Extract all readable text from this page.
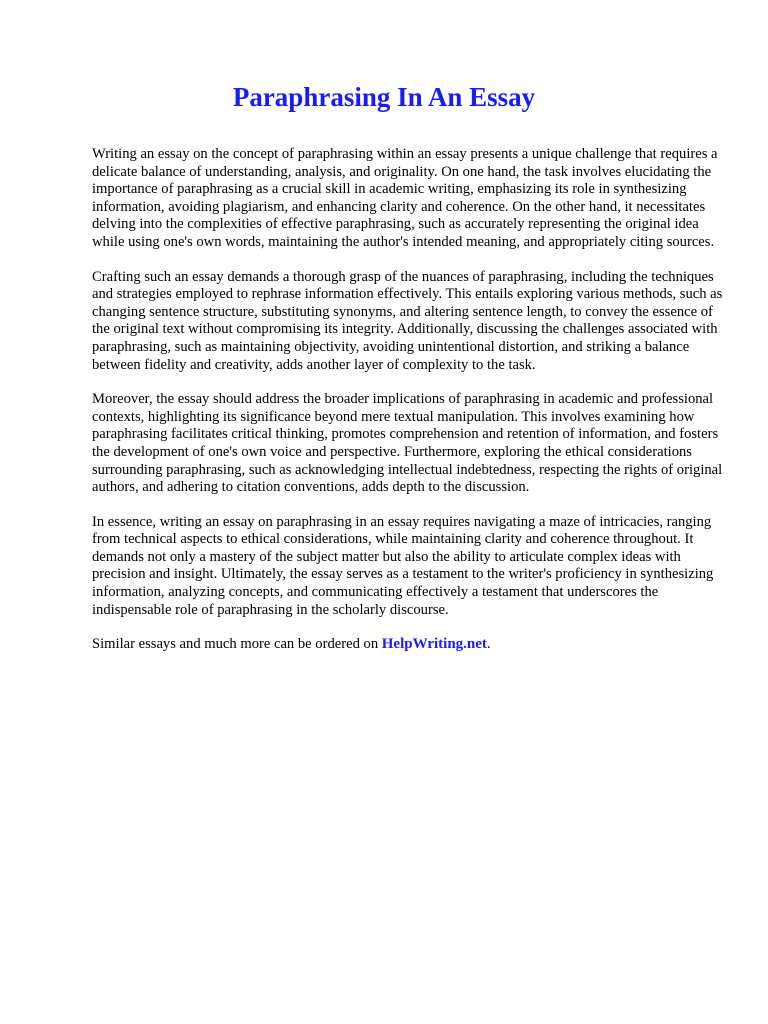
Paraphrasing In An Essay

Writing an essay on the concept of paraphrasing within an essay presents a unique challenge that requires a delicate balance of understanding, analysis, and originality. On one hand, the task involves elucidating the importance of paraphrasing as a crucial skill in academic writing, emphasizing its role in synthesizing information, avoiding plagiarism, and enhancing clarity and coherence. On the other hand, it necessitates delving into the complexities of effective paraphrasing, such as accurately representing the original idea while using one's own words, maintaining the author's intended meaning, and appropriately citing sources.

Crafting such an essay demands a thorough grasp of the nuances of paraphrasing, including the techniques and strategies employed to rephrase information effectively. This entails exploring various methods, such as changing sentence structure, substituting synonyms, and altering sentence length, to convey the essence of the original text without compromising its integrity. Additionally, discussing the challenges associated with paraphrasing, such as maintaining objectivity, avoiding unintentional distortion, and striking a balance between fidelity and creativity, adds another layer of complexity to the task.

Moreover, the essay should address the broader implications of paraphrasing in academic and professional contexts, highlighting its significance beyond mere textual manipulation. This involves examining how paraphrasing facilitates critical thinking, promotes comprehension and retention of information, and fosters the development of one's own voice and perspective. Furthermore, exploring the ethical considerations surrounding paraphrasing, such as acknowledging intellectual indebtedness, respecting the rights of original authors, and adhering to citation conventions, adds depth to the discussion.

In essence, writing an essay on paraphrasing in an essay requires navigating a maze of intricacies, ranging from technical aspects to ethical considerations, while maintaining clarity and coherence throughout. It demands not only a mastery of the subject matter but also the ability to articulate complex ideas with precision and insight. Ultimately, the essay serves as a testament to the writer's proficiency in synthesizing information, analyzing concepts, and communicating effectively a testament that underscores the indispensable role of paraphrasing in the scholarly discourse.

Similar essays and much more can be ordered on HelpWriting.net.
